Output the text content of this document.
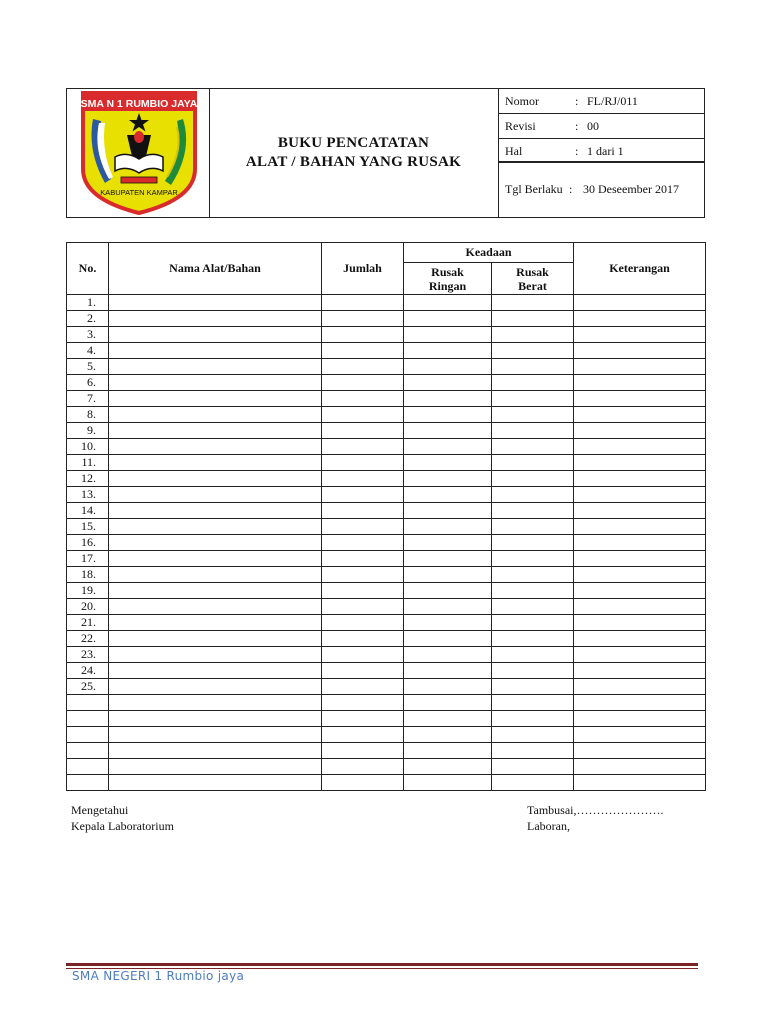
SMA N 1 RUMBIO JAYA
KABUPATEN KAMPAR
BUKU PENCATATAN
ALAT / BAHAN YANG RUSAK
Nomor	: FL/RJ/011
Revisi	: 00
Hal	: 1 dari 1
Tgl Berlaku : 30 Deseember 2017
No.	Nama Alat/Bahan	Jumlah	Keadaan		Keterangan
			Rusak Ringan	Rusak Berat	
1.					
2.					
3.					
4.					
5.					
6.					
7.					
8.					
9.					
10.					
11.					
12.					
13.					
14.					
15.					
16.					
17.					
18.					
19.					
20.					
21.					
22.					
23.					
24.					
25.					

Mengetahui
Kepala Laboratorium
Tambusai,………………….
Laboran,
SMA NEGERI 1 Rumbio jaya
